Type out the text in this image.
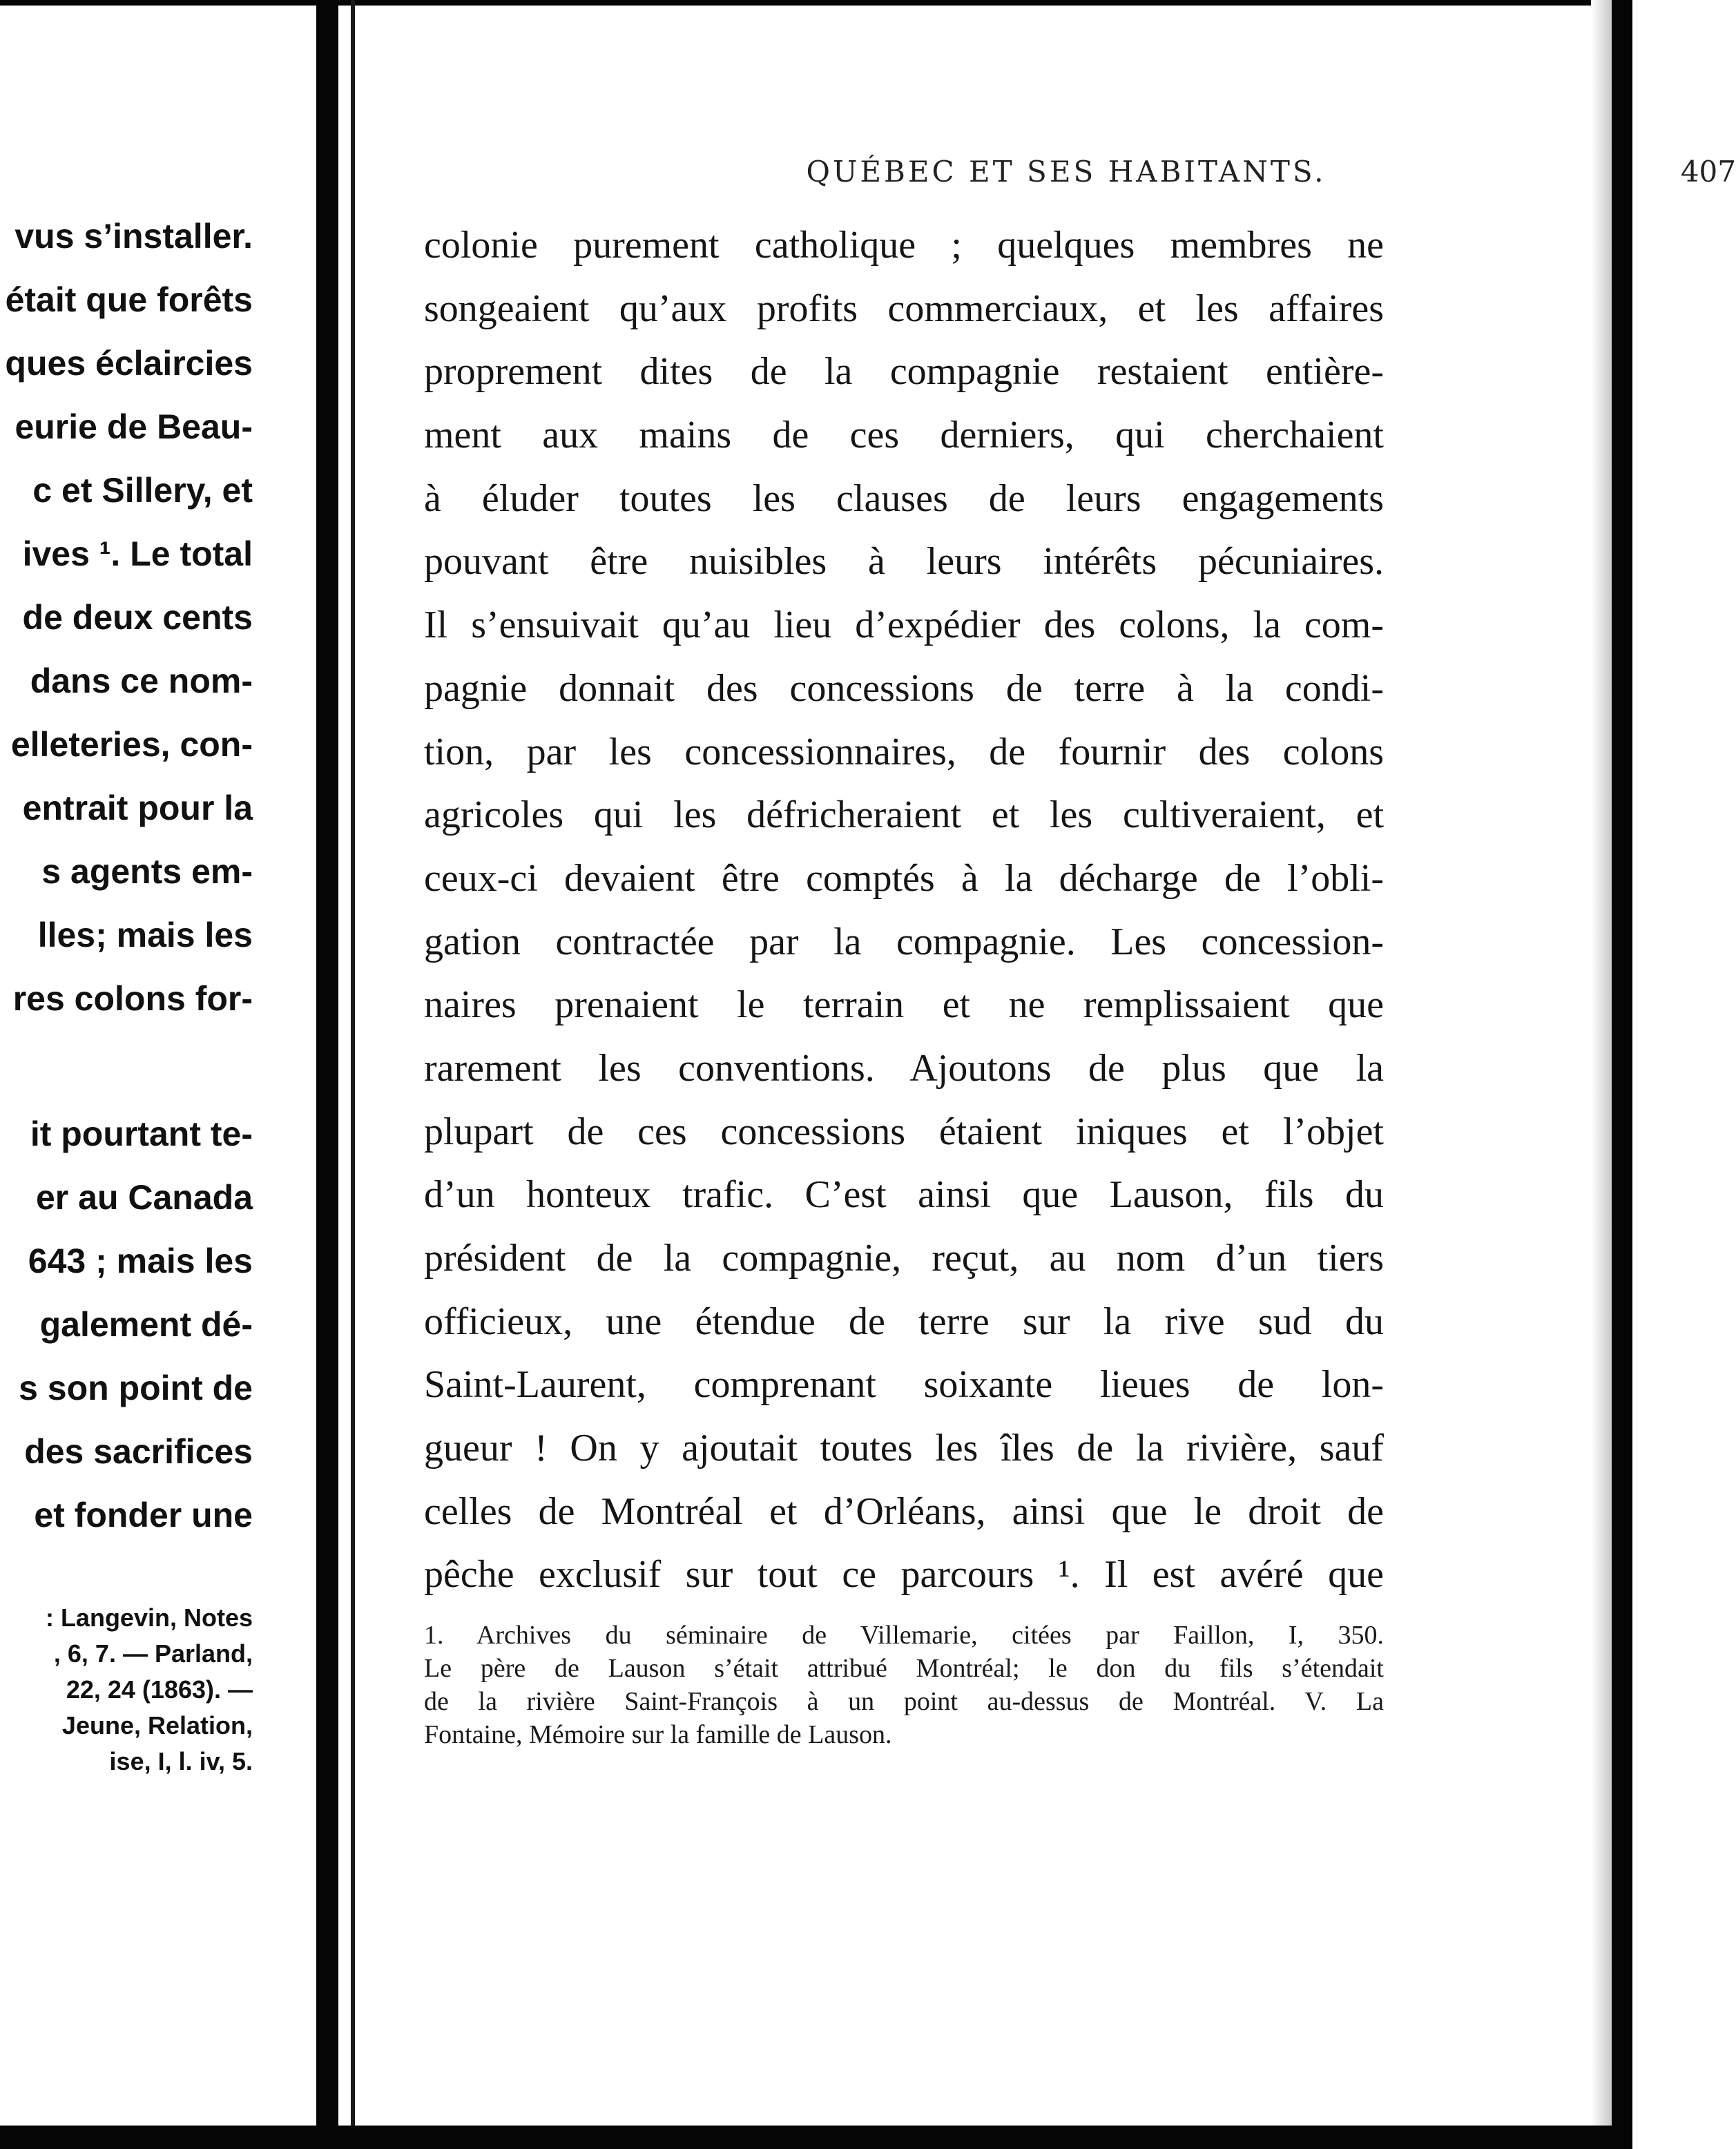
vus s’installer.
était que forêts
ques éclaircies
eurie de Beau-
c et Sillery, et
ives ¹. Le total
de deux cents
dans ce nom-
elleteries, con-
entrait pour la
s agents em-
lles; mais les
res colons for-
it pourtant te-
er au Canada
643 ; mais les
galement dé-
s son point de
des sacrifices
et fonder une
: Langevin, Notes
, 6, 7. — Parland,
22, 24 (1863). —
Jeune, Relation,
ise, I, l. iv, 5.
QUÉBEC ET SES HABITANTS.	407
colonie purement catholique ; quelques membres ne
songeaient qu’aux profits commerciaux, et les affaires
proprement dites de la compagnie restaient entière-
ment aux mains de ces derniers, qui cherchaient
à éluder toutes les clauses de leurs engagements
pouvant être nuisibles à leurs intérêts pécuniaires.
Il s’ensuivait qu’au lieu d’expédier des colons, la com-
pagnie donnait des concessions de terre à la condi-
tion, par les concessionnaires, de fournir des colons
agricoles qui les défricheraient et les cultiveraient, et
ceux-ci devaient être comptés à la décharge de l’obli-
gation contractée par la compagnie. Les concession-
naires prenaient le terrain et ne remplissaient que
rarement les conventions. Ajoutons de plus que la
plupart de ces concessions étaient iniques et l’objet
d’un honteux trafic. C’est ainsi que Lauson, fils du
président de la compagnie, reçut, au nom d’un tiers
officieux, une étendue de terre sur la rive sud du
Saint-Laurent, comprenant soixante lieues de lon-
gueur ! On y ajoutait toutes les îles de la rivière, sauf
celles de Montréal et d’Orléans, ainsi que le droit de
pêche exclusif sur tout ce parcours ¹. Il est avéré que
1. Archives du séminaire de Villemarie, citées par Faillon, I, 350.
Le père de Lauson s’était attribué Montréal; le don du fils s’étendait
de la rivière Saint-François à un point au-dessus de Montréal. V. La
Fontaine, Mémoire sur la famille de Lauson.
